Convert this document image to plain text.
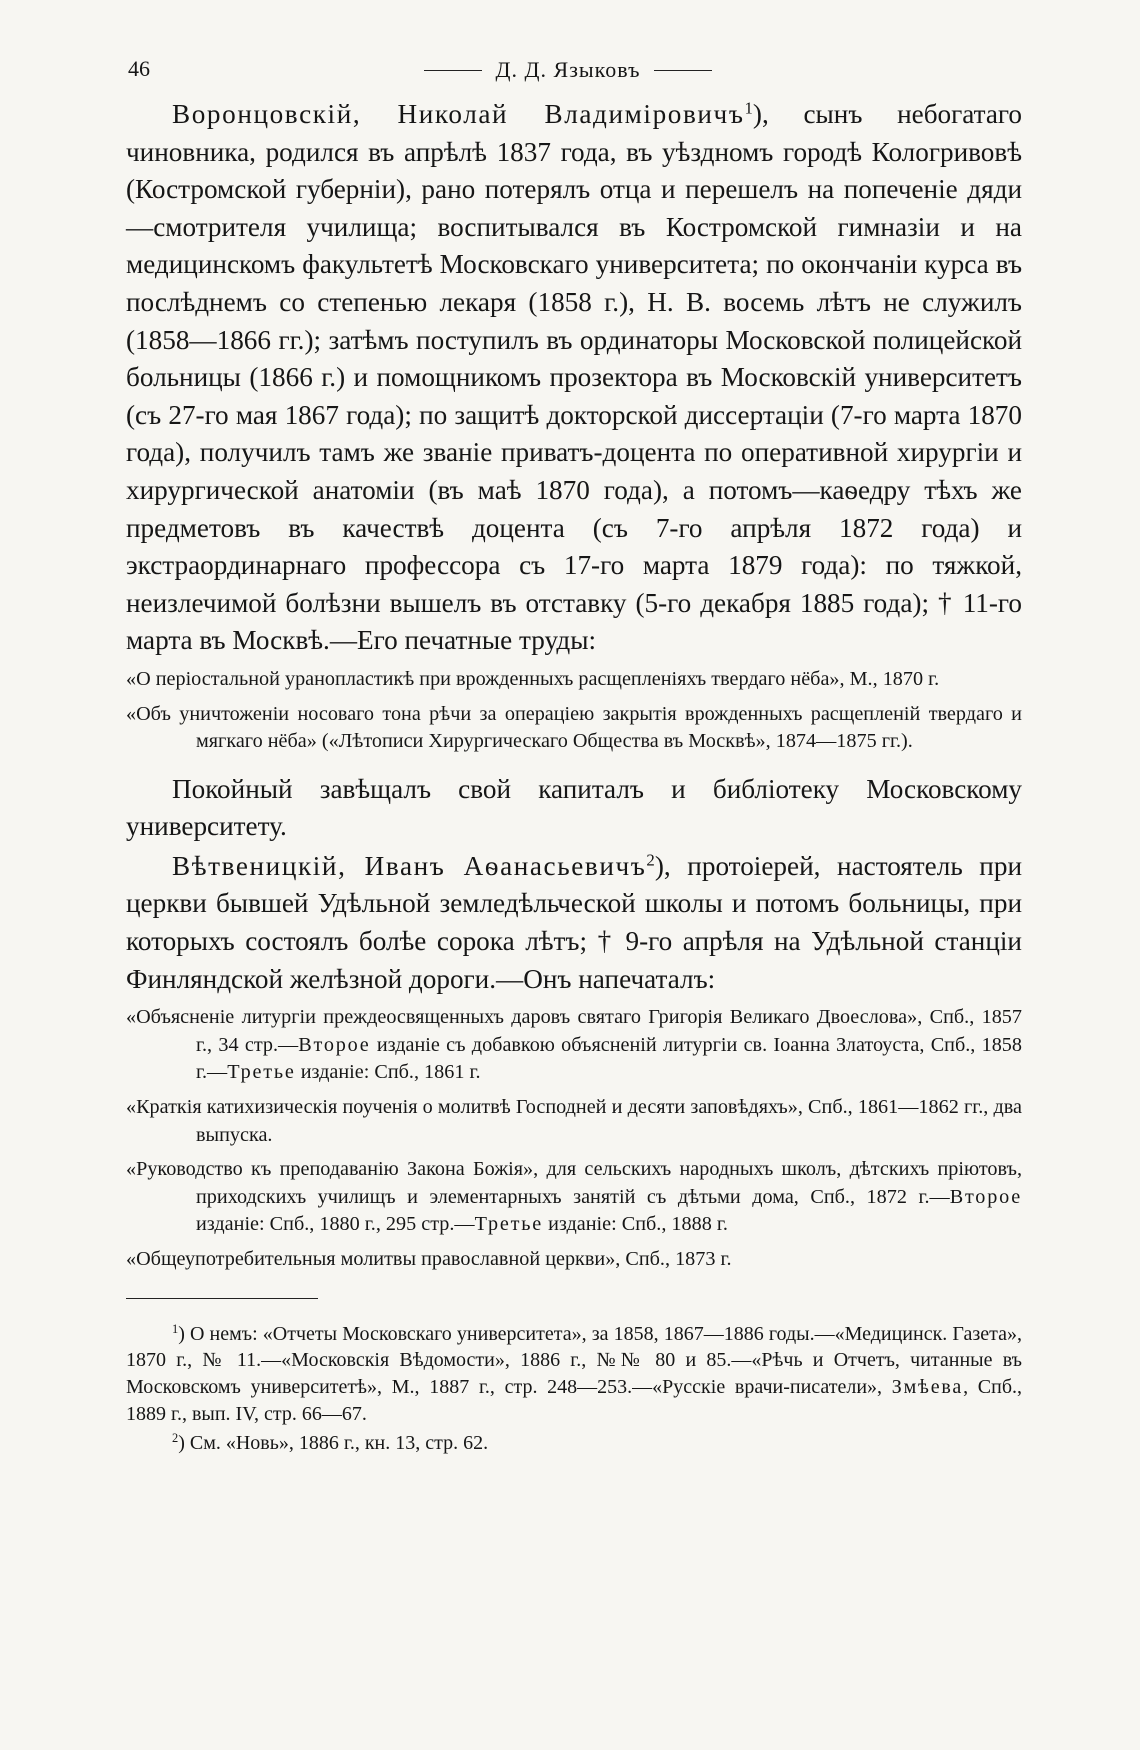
46	Д. Д. Языковъ

Воронцовскій, Николай Владиміровичъ$^1$), сынъ небогатаго чиновника, родился въ апрѣлѣ 1837 года, въ уѣздномъ городѣ Кологривовѣ (Костромской губерніи), рано потерялъ отца и перешелъ на попеченіе дяди—смотрителя училища; воспитывался въ Костромской гимназіи и на медицинскомъ факультетѣ Московскаго университета; по окончаніи курса въ послѣднемъ со степенью лекаря (1858 г.), Н. В. восемь лѣтъ не служилъ (1858—1866 гг.); затѣмъ поступилъ въ ординаторы Московской полицейской больницы (1866 г.) и помощникомъ прозектора въ Московскій университетъ (съ 27-го мая 1867 года); по защитѣ докторской диссертаціи (7-го марта 1870 года), получилъ тамъ же званіе приватъ-доцента по оперативной хирургіи и хирургической анатоміи (въ маѣ 1870 года), а потомъ—каѳедру тѣхъ же предметовъ въ качествѣ доцента (съ 7-го апрѣля 1872 года) и экстраординарнаго профессора съ 17-го марта 1879 года): по тяжкой, неизлечимой болѣзни вышелъ въ отставку (5-го декабря 1885 года); † 11-го марта въ Москвѣ.—Его печатные труды:

«О періостальной уранопластикѣ при врожденныхъ расщепленіяхъ твердаго нёба», М., 1870 г.
«Объ уничтоженіи носоваго тона рѣчи за операціею закрытія врожденныхъ расщепленій твердаго и мягкаго нёба» («Лѣтописи Хирургическаго Общества въ Москвѣ», 1874—1875 гг.).

Покойный завѣщалъ свой капиталъ и библіотеку Московскому университету.

Вѣтвеницкій, Иванъ Аѳанасьевичъ$^2$), протоіерей, настоятель при церкви бывшей Удѣльной земледѣльческой школы и потомъ больницы, при которыхъ состоялъ болѣе сорока лѣтъ; † 9-го апрѣля на Удѣльной станціи Финляндской желѣзной дороги.—Онъ напечаталъ:

«Объясненіе литургіи преждеосвященныхъ даровъ святаго Григорія Великаго Двоеслова», Спб., 1857 г., 34 стр.—Второе изданіе съ добавкою объясненій литургіи св. Іоанна Златоуста, Спб., 1858 г.—Третье изданіе: Спб., 1861 г.
«Краткія катихизическія поученія о молитвѣ Господней и десяти заповѣдяхъ», Спб., 1861—1862 гг., два выпуска.
«Руководство къ преподаванію Закона Божія», для сельскихъ народныхъ школъ, дѣтскихъ пріютовъ, приходскихъ училищъ и элементарныхъ занятій съ дѣтьми дома, Спб., 1872 г.—Второе изданіе: Спб., 1880 г., 295 стр.—Третье изданіе: Спб., 1888 г.
«Общеупотребительныя молитвы православной церкви», Спб., 1873 г.

$^1$) О немъ: «Отчеты Московскаго университета», за 1858, 1867—1886 годы.—«Медицинск. Газета», 1870 г., № 11.—«Московскія Вѣдомости», 1886 г., №№ 80 и 85.—«Рѣчь и Отчетъ, читанные въ Московскомъ университетѣ», М., 1887 г., стр. 248—253.—«Русскіе врачи-писатели», Змѣева, Спб., 1889 г., вып. IV, стр. 66—67.

$^2$) См. «Новь», 1886 г., кн. 13, стр. 62.
